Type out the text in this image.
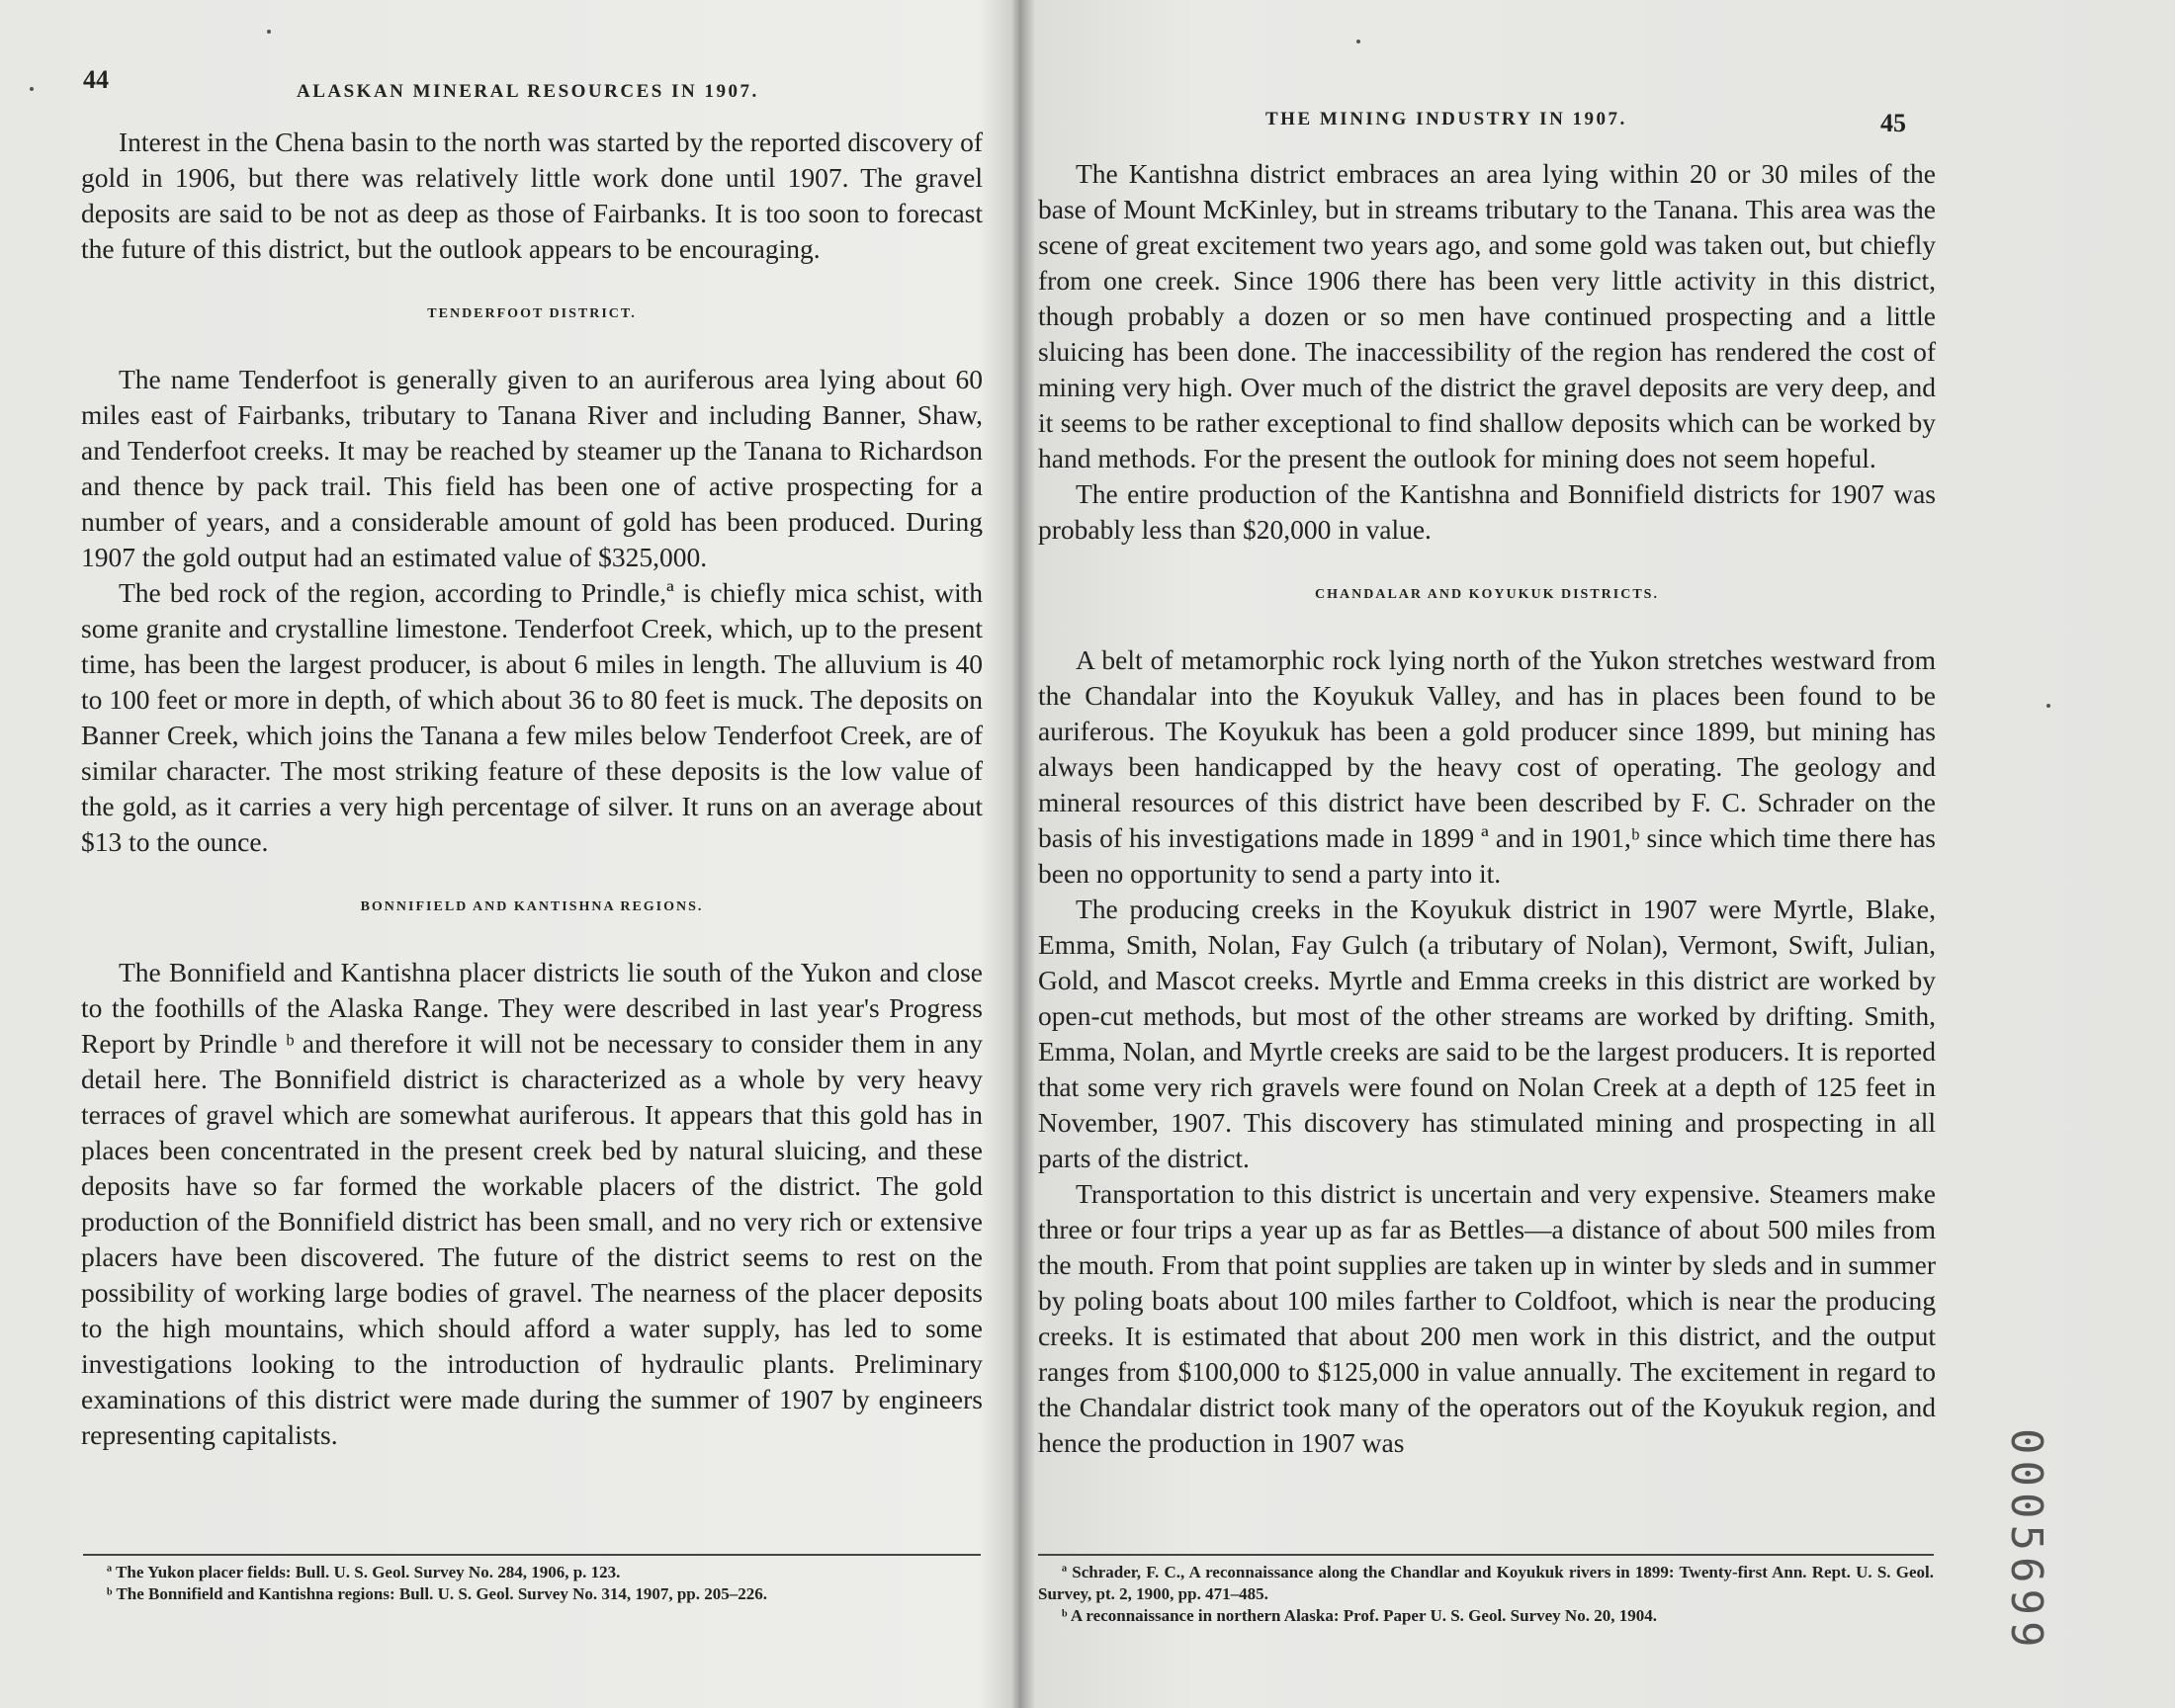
44	ALASKAN MINERAL RESOURCES IN 1907.

Interest in the Chena basin to the north was started by the reported discovery of gold in 1906, but there was relatively little work done until 1907. The gravel deposits are said to be not as deep as those of Fairbanks. It is too soon to forecast the future of this district, but the outlook appears to be encouraging.

TENDERFOOT DISTRICT.

The name Tenderfoot is generally given to an auriferous area lying about 60 miles east of Fairbanks, tributary to Tanana River and including Banner, Shaw, and Tenderfoot creeks. It may be reached by steamer up the Tanana to Richardson and thence by pack trail. This field has been one of active prospecting for a number of years, and a considerable amount of gold has been produced. During 1907 the gold output had an estimated value of $325,000.

The bed rock of the region, according to Prindle,ª is chiefly mica schist, with some granite and crystalline limestone. Tenderfoot Creek, which, up to the present time, has been the largest producer, is about 6 miles in length. The alluvium is 40 to 100 feet or more in depth, of which about 36 to 80 feet is muck. The deposits on Banner Creek, which joins the Tanana a few miles below Tenderfoot Creek, are of similar character. The most striking feature of these deposits is the low value of the gold, as it carries a very high percentage of silver. It runs on an average about $13 to the ounce.

BONNIFIELD AND KANTISHNA REGIONS.

The Bonnifield and Kantishna placer districts lie south of the Yukon and close to the foothills of the Alaska Range. They were described in last year's Progress Report by Prindle ᵇ and therefore it will not be necessary to consider them in any detail here. The Bonnifield district is characterized as a whole by very heavy terraces of gravel which are somewhat auriferous. It appears that this gold has in places been concentrated in the present creek bed by natural sluicing, and these deposits have so far formed the workable placers of the district. The gold production of the Bonnifield district has been small, and no very rich or extensive placers have been discovered. The future of the district seems to rest on the possibility of working large bodies of gravel. The nearness of the placer deposits to the high mountains, which should afford a water supply, has led to some investigations looking to the introduction of hydraulic plants. Preliminary examinations of this district were made during the summer of 1907 by engineers representing capitalists.

ª The Yukon placer fields: Bull. U. S. Geol. Survey No. 284, 1906, p. 123.
ᵇ The Bonnifield and Kantishna regions: Bull. U. S. Geol. Survey No. 314, 1907, pp. 205–226.
THE MINING INDUSTRY IN 1907.	45

The Kantishna district embraces an area lying within 20 or 30 miles of the base of Mount McKinley, but in streams tributary to the Tanana. This area was the scene of great excitement two years ago, and some gold was taken out, but chiefly from one creek. Since 1906 there has been very little activity in this district, though probably a dozen or so men have continued prospecting and a little sluicing has been done. The inaccessibility of the region has rendered the cost of mining very high. Over much of the district the gravel deposits are very deep, and it seems to be rather exceptional to find shallow deposits which can be worked by hand methods. For the present the outlook for mining does not seem hopeful.

The entire production of the Kantishna and Bonnifield districts for 1907 was probably less than $20,000 in value.

CHANDALAR AND KOYUKUK DISTRICTS.

A belt of metamorphic rock lying north of the Yukon stretches westward from the Chandalar into the Koyukuk Valley, and has in places been found to be auriferous. The Koyukuk has been a gold producer since 1899, but mining has always been handicapped by the heavy cost of operating. The geology and mineral resources of this district have been described by F. C. Schrader on the basis of his investigations made in 1899 ª and in 1901,ᵇ since which time there has been no opportunity to send a party into it.

The producing creeks in the Koyukuk district in 1907 were Myrtle, Blake, Emma, Smith, Nolan, Fay Gulch (a tributary of Nolan), Vermont, Swift, Julian, Gold, and Mascot creeks. Myrtle and Emma creeks in this district are worked by open-cut methods, but most of the other streams are worked by drifting. Smith, Emma, Nolan, and Myrtle creeks are said to be the largest producers. It is reported that some very rich gravels were found on Nolan Creek at a depth of 125 feet in November, 1907. This discovery has stimulated mining and prospecting in all parts of the district.

Transportation to this district is uncertain and very expensive. Steamers make three or four trips a year up as far as Bettles—a distance of about 500 miles from the mouth. From that point supplies are taken up in winter by sleds and in summer by poling boats about 100 miles farther to Coldfoot, which is near the producing creeks. It is estimated that about 200 men work in this district, and the output ranges from $100,000 to $125,000 in value annually. The excitement in regard to the Chandalar district took many of the operators out of the Koyukuk region, and hence the production in 1907 was

ª Schrader, F. C., A reconnaissance along the Chandlar and Koyukuk rivers in 1899: Twenty-first Ann. Rept. U. S. Geol. Survey, pt. 2, 1900, pp. 471–485.
ᵇ A reconnaissance in northern Alaska: Prof. Paper U. S. Geol. Survey No. 20, 1904.	0005699
